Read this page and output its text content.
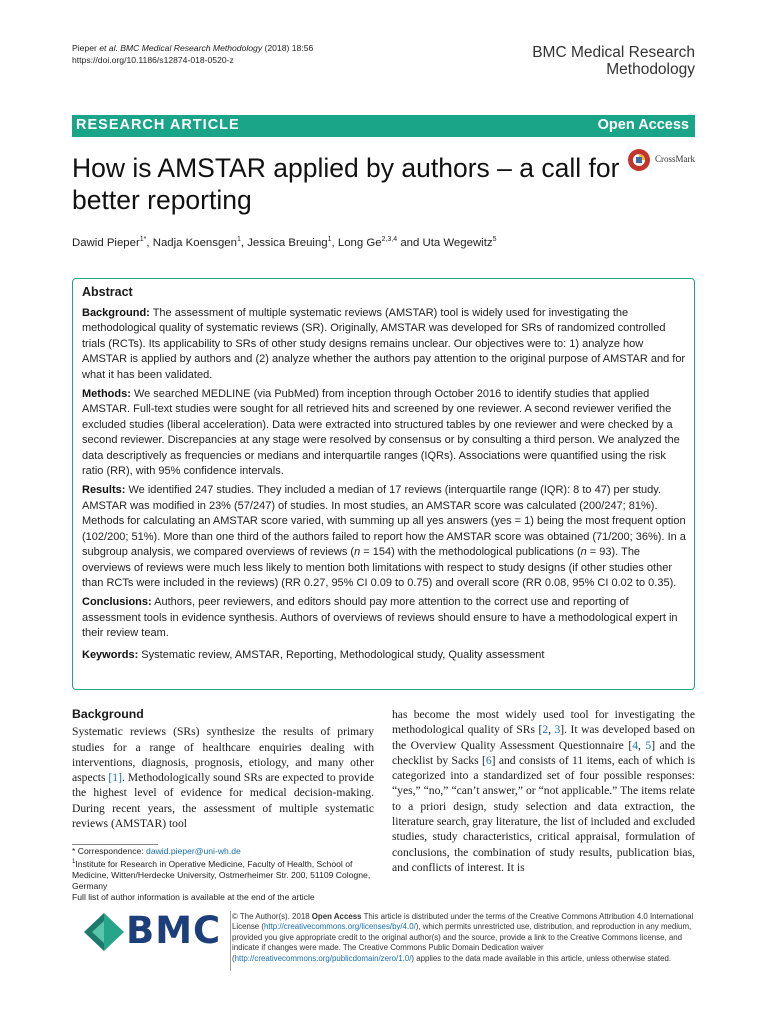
Pieper et al. BMC Medical Research Methodology (2018) 18:56
https://doi.org/10.1186/s12874-018-0520-z	BMC Medical Research
Methodology
RESEARCH ARTICLE	Open Access
How is AMSTAR applied by authors – a call for better reporting
CrossMark
Dawid Pieper$^{1*}$, Nadja Koensgen$^1$, Jessica Breuing$^1$, Long Ge$^{2,3,4}$ and Uta Wegewitz$^5$
Abstract

Background: The assessment of multiple systematic reviews (AMSTAR) tool is widely used for investigating the methodological quality of systematic reviews (SR). Originally, AMSTAR was developed for SRs of randomized controlled trials (RCTs). Its applicability to SRs of other study designs remains unclear. Our objectives were to: 1) analyze how AMSTAR is applied by authors and (2) analyze whether the authors pay attention to the original purpose of AMSTAR and for what it has been validated.

Methods: We searched MEDLINE (via PubMed) from inception through October 2016 to identify studies that applied AMSTAR. Full-text studies were sought for all retrieved hits and screened by one reviewer. A second reviewer verified the excluded studies (liberal acceleration). Data were extracted into structured tables by one reviewer and were checked by a second reviewer. Discrepancies at any stage were resolved by consensus or by consulting a third person. We analyzed the data descriptively as frequencies or medians and interquartile ranges (IQRs). Associations were quantified using the risk ratio (RR), with 95% confidence intervals.

Results: We identified 247 studies. They included a median of 17 reviews (interquartile range (IQR): 8 to 47) per study. AMSTAR was modified in 23% (57/247) of studies. In most studies, an AMSTAR score was calculated (200/247; 81%). Methods for calculating an AMSTAR score varied, with summing up all yes answers (yes = 1) being the most frequent option (102/200; 51%). More than one third of the authors failed to report how the AMSTAR score was obtained (71/200; 36%). In a subgroup analysis, we compared overviews of reviews (n = 154) with the methodological publications (n = 93). The overviews of reviews were much less likely to mention both limitations with respect to study designs (if other studies other than RCTs were included in the reviews) (RR 0.27, 95% CI 0.09 to 0.75) and overall score (RR 0.08, 95% CI 0.02 to 0.35).

Conclusions: Authors, peer reviewers, and editors should pay more attention to the correct use and reporting of assessment tools in evidence synthesis. Authors of overviews of reviews should ensure to have a methodological expert in their review team.

Keywords: Systematic review, AMSTAR, Reporting, Methodological study, Quality assessment

Background
Systematic reviews (SRs) synthesize the results of primary studies for a range of healthcare enquiries dealing with interventions, diagnosis, prognosis, etiology, and many other aspects [1]. Methodologically sound SRs are expected to provide the highest level of evidence for medical decision-making. During recent years, the assessment of multiple systematic reviews (AMSTAR) tool
has become the most widely used tool for investigating the methodological quality of SRs [2, 3]. It was developed based on the Overview Quality Assessment Questionnaire [4, 5] and the checklist by Sacks [6] and consists of 11 items, each of which is categorized into a standardized set of four possible responses: “yes,” “no,” “can’t answer,” or “not applicable.” The items relate to a priori design, study selection and data extraction, the literature search, gray literature, the list of included and excluded studies, study characteristics, critical appraisal, formulation of conclusions, the combination of study results, publication bias, and conflicts of interest. It is
* Correspondence: dawid.pieper@uni-wh.de
$^1$Institute for Research in Operative Medicine, Faculty of Health, School of Medicine, Witten/Herdecke University, Ostmerheimer Str. 200, 51109 Cologne, Germany
Full list of author information is available at the end of the article
BMC © The Author(s). 2018 Open Access This article is distributed under the terms of the Creative Commons Attribution 4.0 International License (http://creativecommons.org/licenses/by/4.0/), which permits unrestricted use, distribution, and reproduction in any medium, provided you give appropriate credit to the original author(s) and the source, provide a link to the Creative Commons license, and indicate if changes were made. The Creative Commons Public Domain Dedication waiver (http://creativecommons.org/publicdomain/zero/1.0/) applies to the data made available in this article, unless otherwise stated.
